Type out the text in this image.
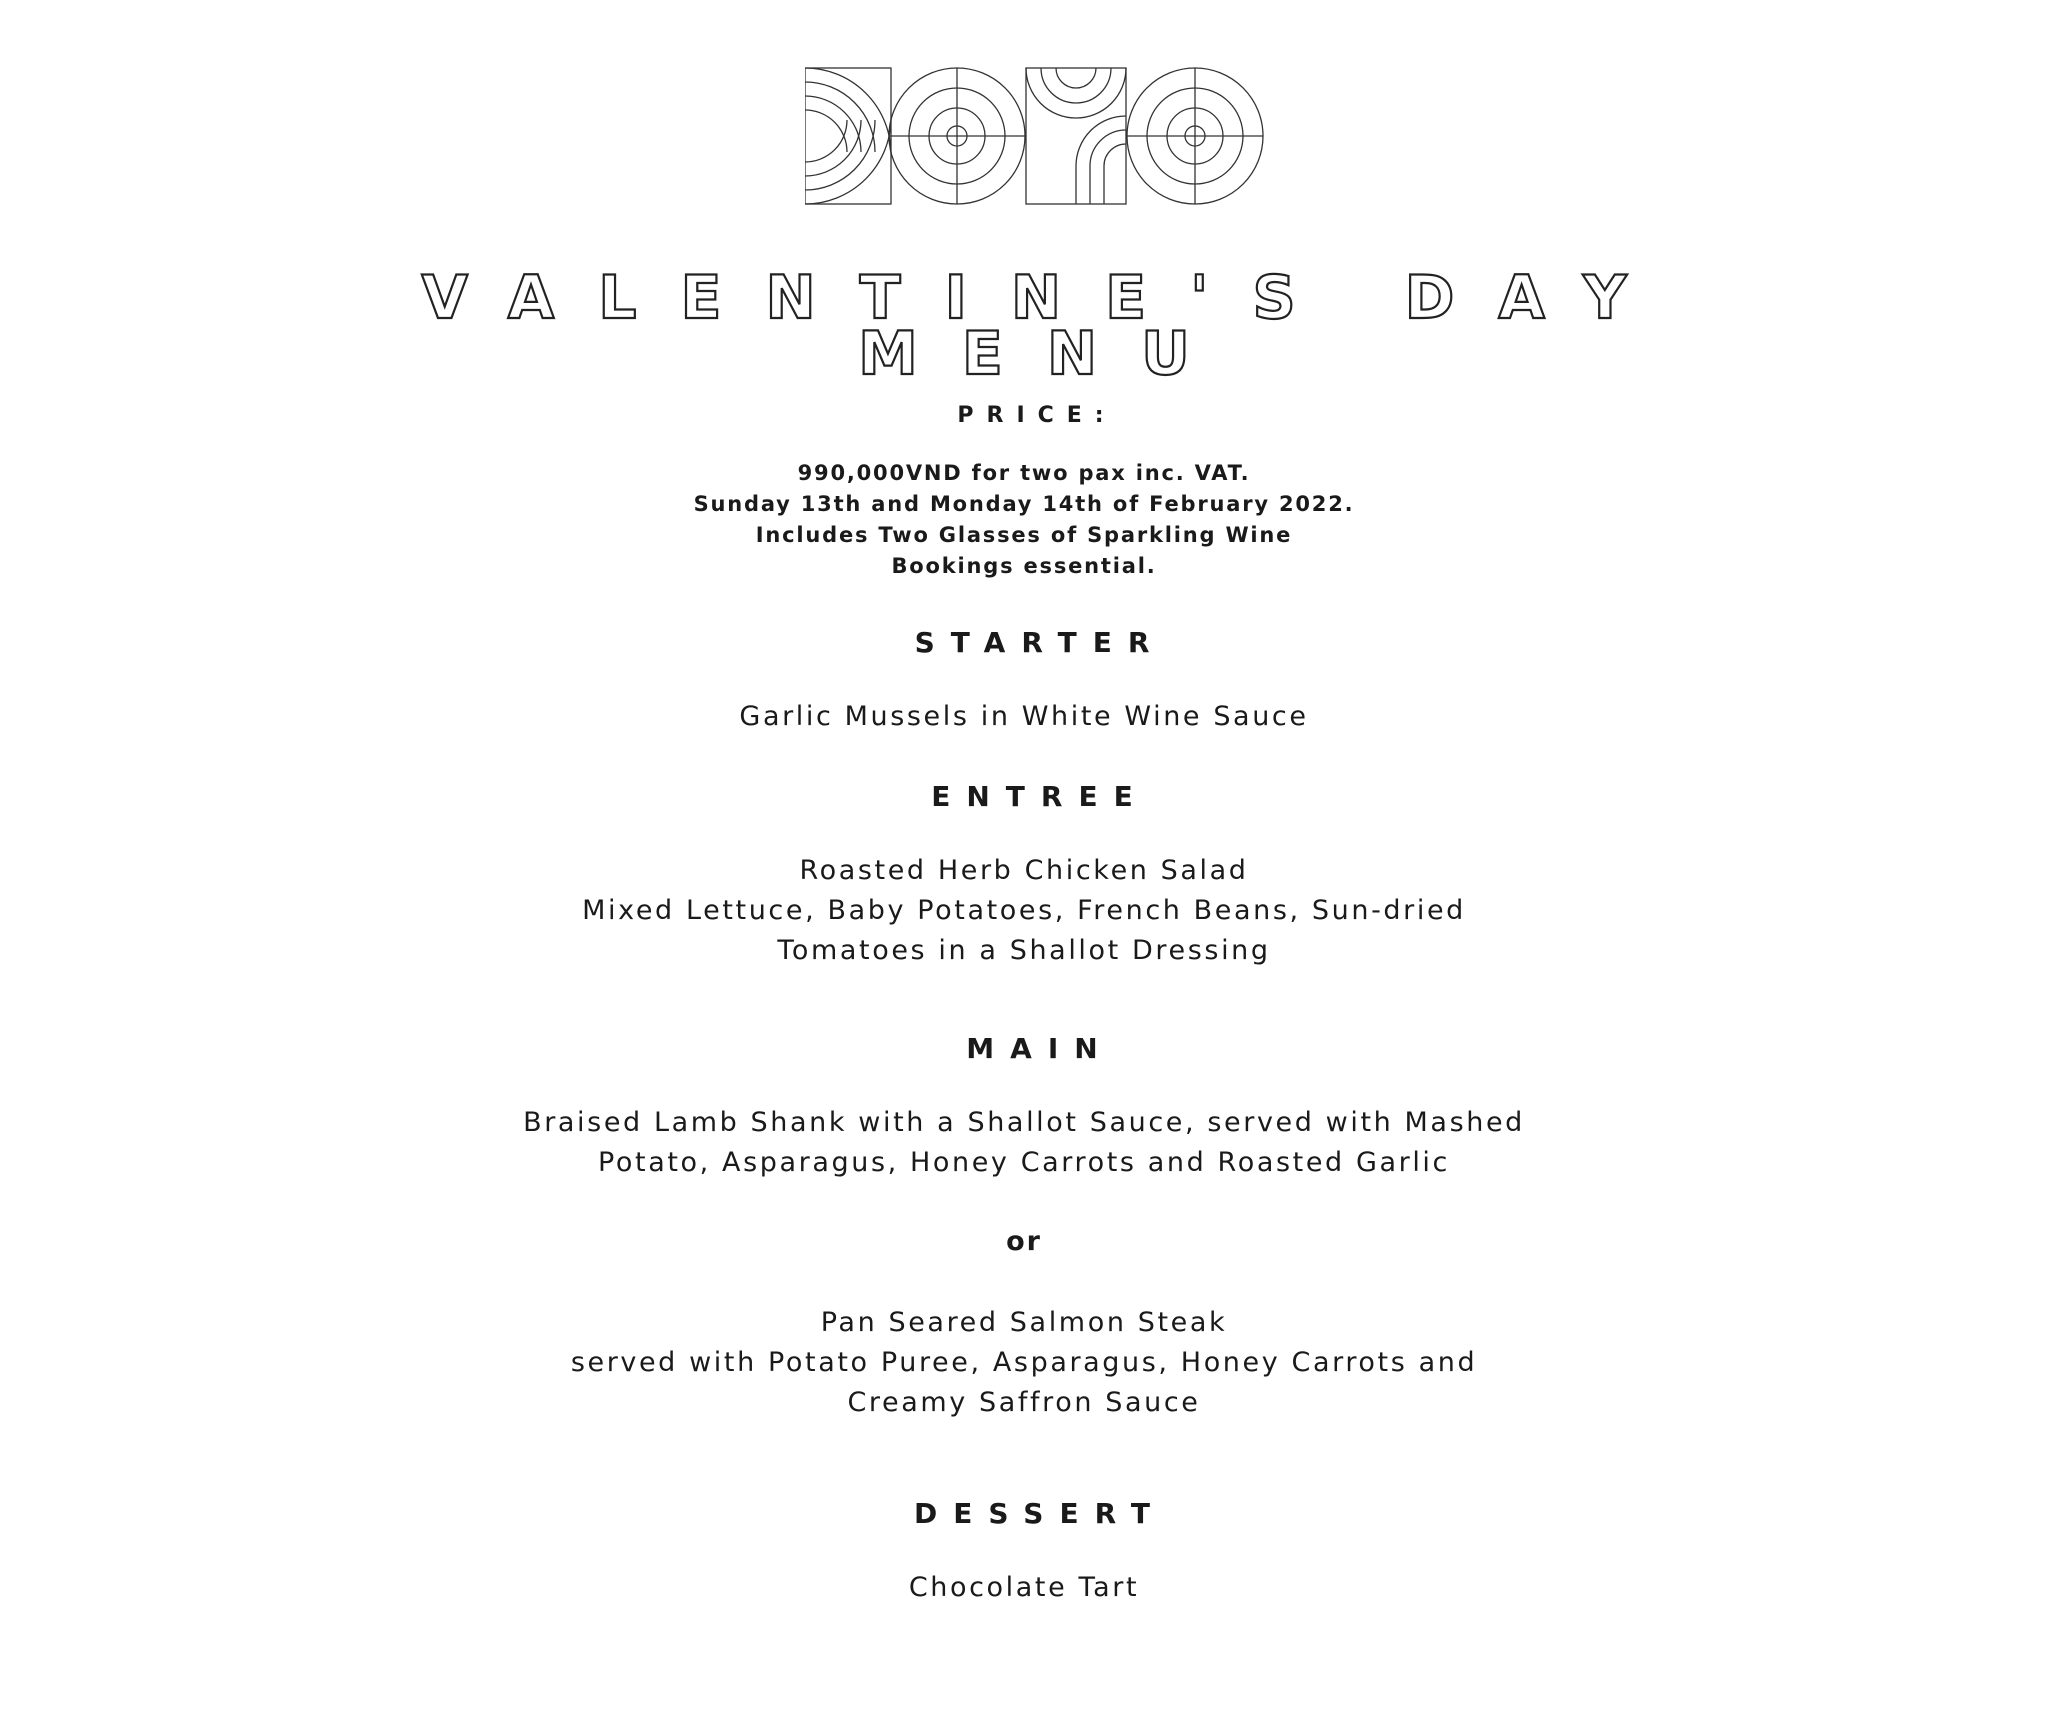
VALENTINE'S DAY
MENU
PRICE:
990,000VND for two pax inc. VAT.
Sunday 13th and Monday 14th of February 2022.
Includes Two Glasses of Sparkling Wine
Bookings essential.
STARTER
Garlic Mussels in White Wine Sauce
ENTREE
Roasted Herb Chicken Salad
Mixed Lettuce, Baby Potatoes, French Beans, Sun-dried
Tomatoes in a Shallot Dressing
MAIN
Braised Lamb Shank with a Shallot Sauce, served with Mashed
Potato, Asparagus, Honey Carrots and Roasted Garlic
or
Pan Seared Salmon Steak
served with Potato Puree, Asparagus, Honey Carrots and
Creamy Saffron Sauce
DESSERT
Chocolate Tart
